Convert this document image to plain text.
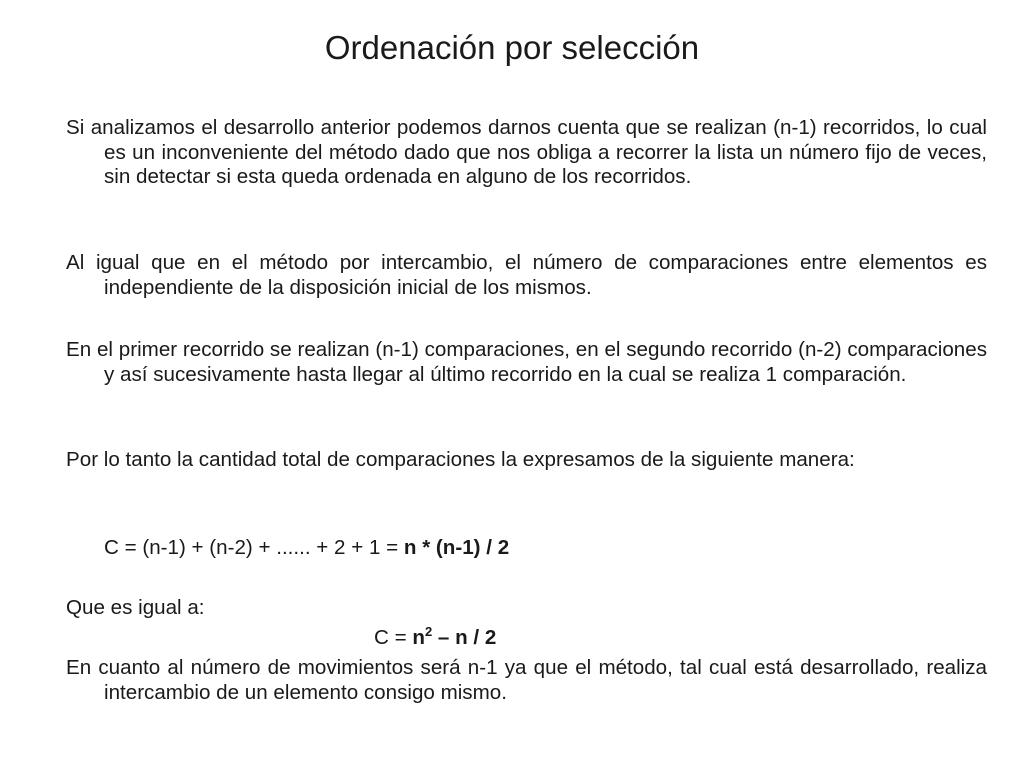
Ordenación por selección
Si analizamos el desarrollo anterior podemos darnos cuenta que se realizan (n-1) recorridos, lo cual es un inconveniente del método dado que nos obliga a recorrer la lista un número fijo de veces, sin detectar si esta queda ordenada en alguno de los recorridos.
Al igual que en el método por intercambio, el número de comparaciones entre elementos es independiente de la disposición inicial de los mismos.
En el primer recorrido se realizan (n-1) comparaciones, en el segundo recorrido (n-2) comparaciones y así sucesivamente hasta llegar al último recorrido en la cual se realiza 1 comparación.
Por lo tanto la cantidad total de comparaciones la expresamos de la siguiente manera:
C = (n-1) + (n-2) + ...... + 2 + 1 = n * (n-1) / 2
Que es igual a:
$C = n^2 - n / 2$
En cuanto al número de movimientos será n-1 ya que el método, tal cual está desarrollado, realiza intercambio de un elemento consigo mismo.
